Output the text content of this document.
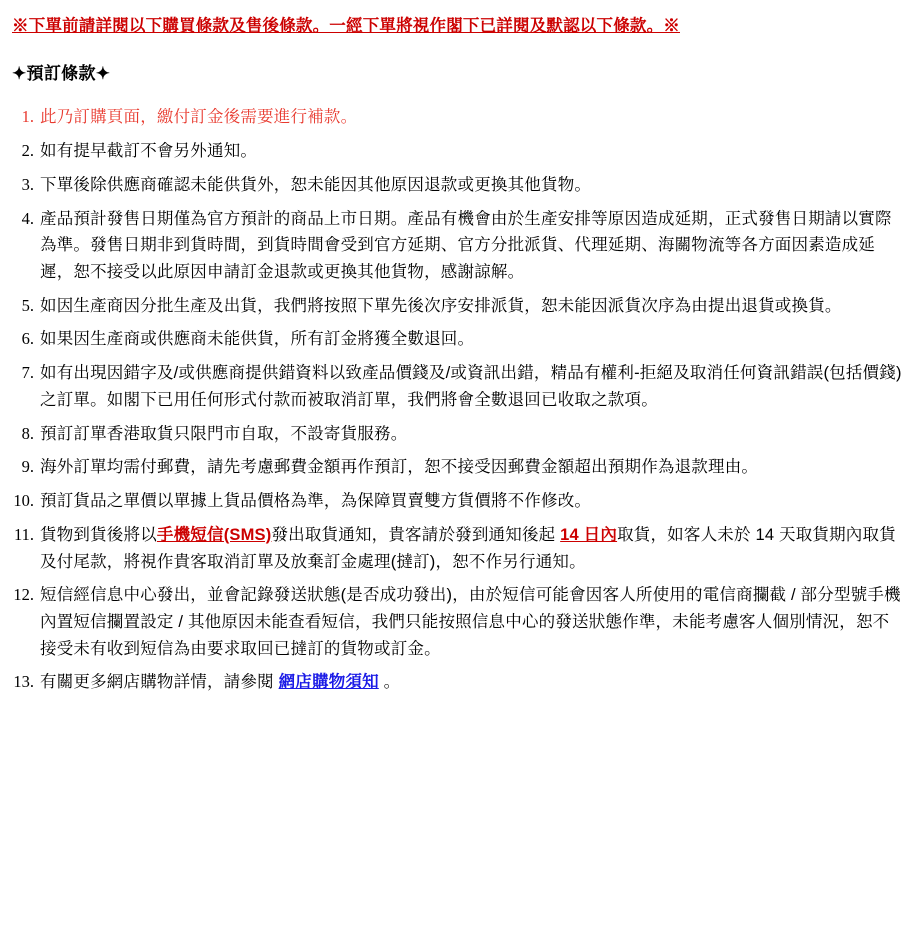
※下單前請詳閱以下購買條款及售後條款。一經下單將視作閣下已詳閱及默認以下條款。※
✦預訂條款✦
1. 此乃訂購頁面，繳付訂金後需要進行補款。
2. 如有提早截訂不會另外通知。
3. 下單後除供應商確認未能供貨外，恕未能因其他原因退款或更換其他貨物。
4. 產品預計發售日期僅為官方預計的商品上市日期。產品有機會由於生產安排等原因造成延期，正式發售日期請以實際為準。發售日期非到貨時間，到貨時間會受到官方延期、官方分批派貨、代理延期、海關物流等各方面因素造成延遲，恕不接受以此原因申請訂金退款或更換其他貨物，感謝諒解。
5. 如因生產商因分批生產及出貨，我們將按照下單先後次序安排派貨，恕未能因派貨次序為由提出退貨或換貨。
6. 如果因生產商或供應商未能供貨，所有訂金將獲全數退回。
7. 如有出現因錯字及/或供應商提供錯資料以致產品價錢及/或資訊出錯，精品有權利-拒絕及取消任何資訊錯誤(包括價錢) 之訂單。如閣下已用任何形式付款而被取消訂單，我們將會全數退回已收取之款項。
8. 預訂訂單香港取貨只限門市自取，不設寄貨服務。
9. 海外訂單均需付郵費，請先考慮郵費金額再作預訂，恕不接受因郵費金額超出預期作為退款理由。
10. 預訂貨品之單價以單據上貨品價格為準，為保障買賣雙方貨價將不作修改。
11. 貨物到貨後將以手機短信(SMS)發出取貨通知，貴客請於發到通知後起 14 日內取貨，如客人未於 14 天取貨期內取貨及付尾款，將視作貴客取消訂單及放棄訂金處理(撻訂)，恕不作另行通知。
12. 短信經信息中心發出，並會記錄發送狀態(是否成功發出)，由於短信可能會因客人所使用的電信商攔截 / 部分型號手機內置短信攔置設定 / 其他原因未能查看短信，我們只能按照信息中心的發送狀態作準，未能考慮客人個別情況，恕不接受未有收到短信為由要求取回已撻訂的貨物或訂金。
13. 有關更多網店購物詳情，請參閱 網店購物須知 。
